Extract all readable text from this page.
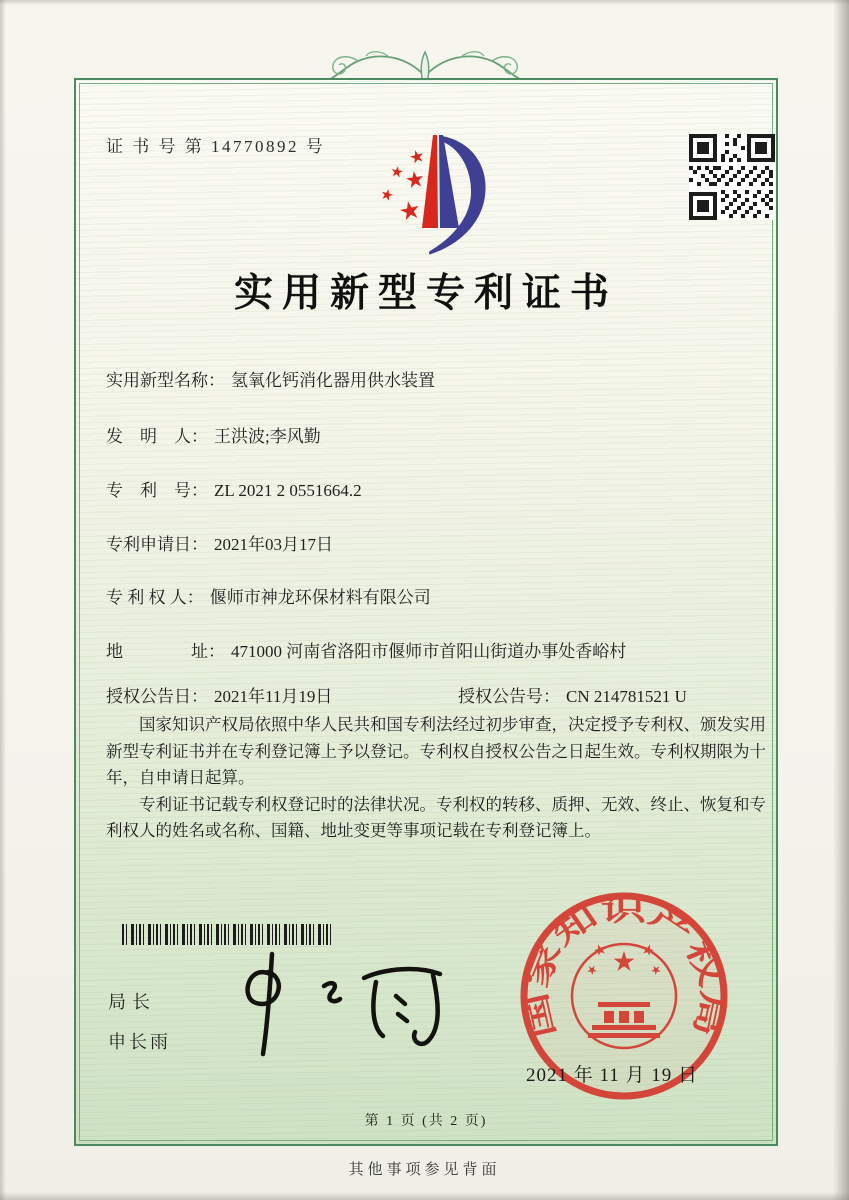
证 书 号 第 14770892 号
实用新型专利证书
实用新型名称： 氢氧化钙消化器用供水装置
发　明　人： 王洪波;李风勤
专　利　号： ZL 2021 2 0551664.2
专利申请日： 2021年03月17日
专 利 权 人： 偃师市神龙环保材料有限公司
地　　　　址： 471000 河南省洛阳市偃师市首阳山街道办事处香峪村
授权公告日： 2021年11月19日	授权公告号： CN 214781521 U

国家知识产权局依照中华人民共和国专利法经过初步审查，决定授予专利权、颁发实用新型专利证书并在专利登记簿上予以登记。专利权自授权公告之日起生效。专利权期限为十年，自申请日起算。

专利证书记载专利权登记时的法律状况。专利权的转移、质押、无效、终止、恢复和专利权人的姓名或名称、国籍、地址变更等事项记载在专利登记簿上。

局长
申长雨
国家知识产权局
2021 年 11 月 19 日
第 1 页 (共 2 页)
其他事项参见背面
